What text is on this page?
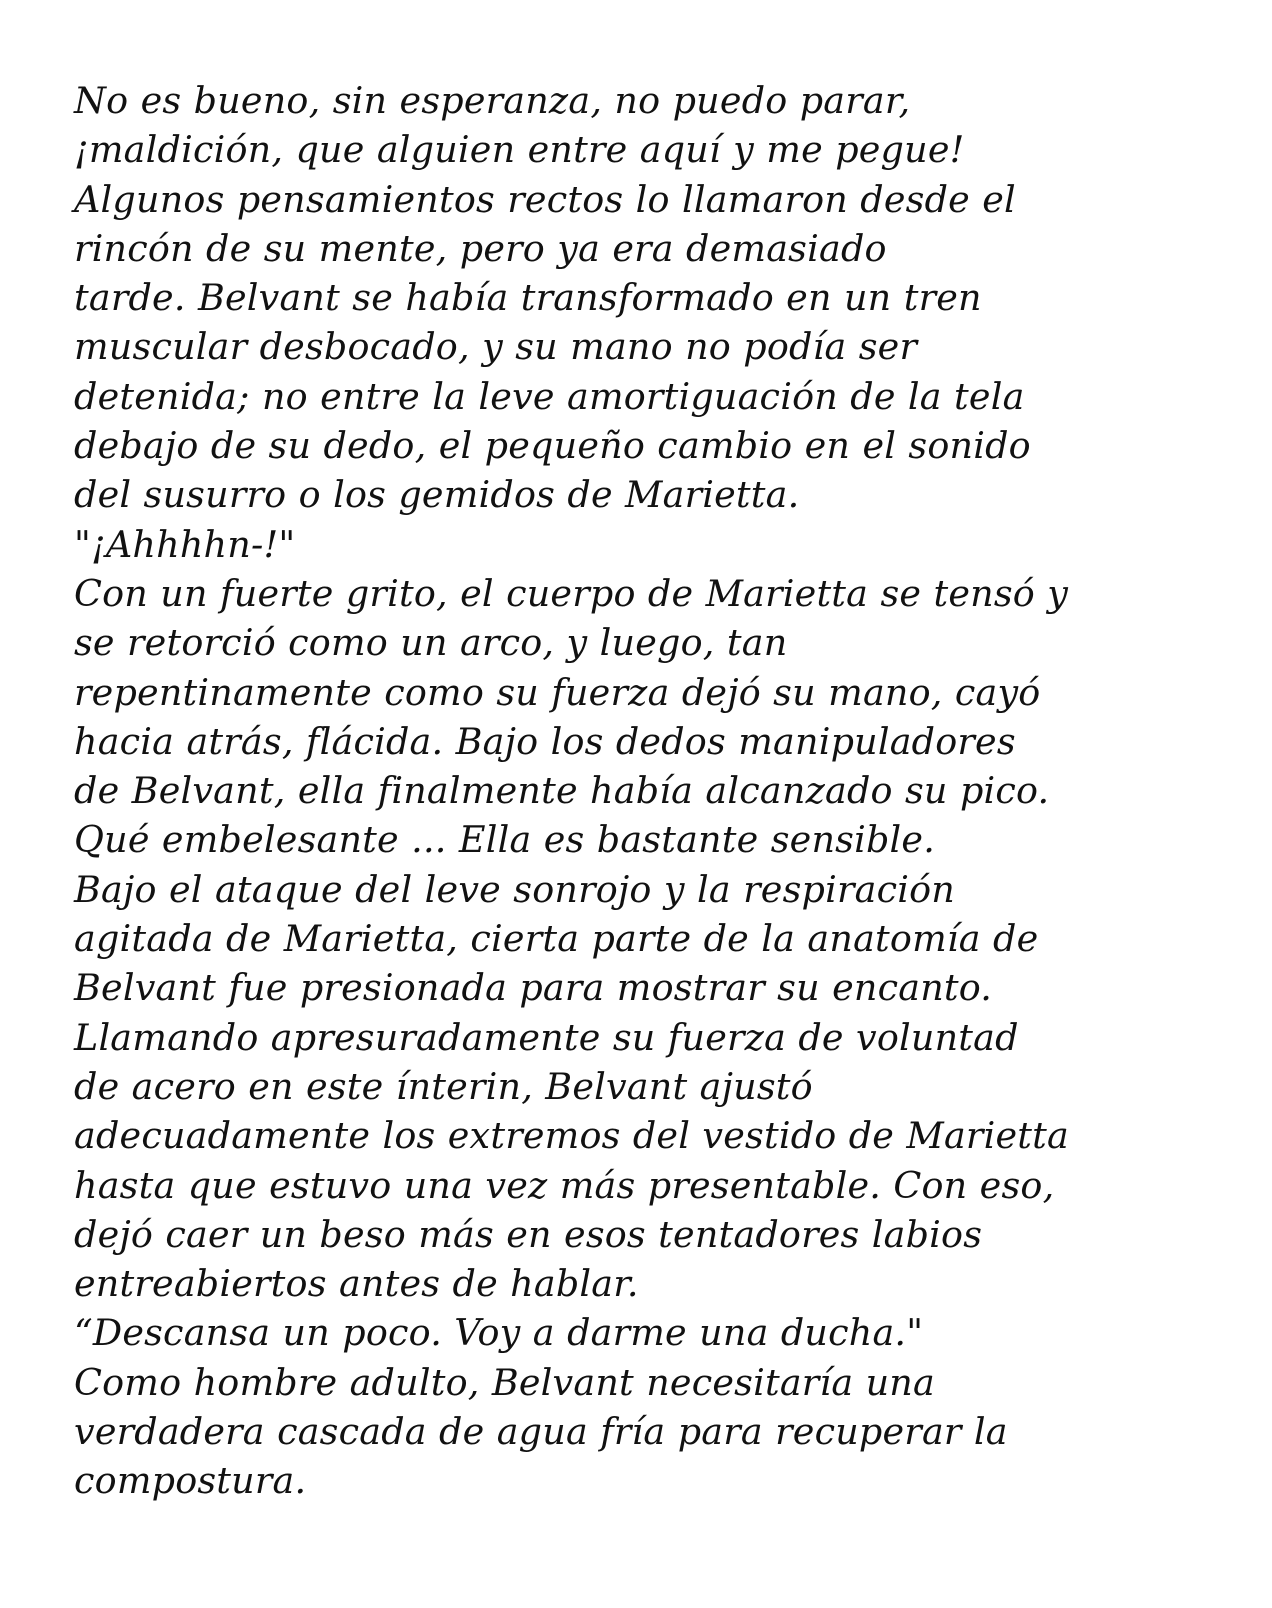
No es bueno, sin esperanza, no puedo parar,
¡maldición, que alguien entre aquí y me pegue!
Algunos pensamientos rectos lo llamaron desde el
rincón de su mente, pero ya era demasiado
tarde. Belvant se había transformado en un tren
muscular desbocado, y su mano no podía ser
detenida; no entre la leve amortiguación de la tela
debajo de su dedo, el pequeño cambio en el sonido
del susurro o los gemidos de Marietta.
"¡Ahhhhn-!"
Con un fuerte grito, el cuerpo de Marietta se tensó y
se retorció como un arco, y luego, tan
repentinamente como su fuerza dejó su mano, cayó
hacia atrás, flácida. Bajo los dedos manipuladores
de Belvant, ella finalmente había alcanzado su pico.
Qué embelesante ... Ella es bastante sensible.
Bajo el ataque del leve sonrojo y la respiración
agitada de Marietta, cierta parte de la anatomía de
Belvant fue presionada para mostrar su encanto.
Llamando apresuradamente su fuerza de voluntad
de acero en este ínterin, Belvant ajustó
adecuadamente los extremos del vestido de Marietta
hasta que estuvo una vez más presentable. Con eso,
dejó caer un beso más en esos tentadores labios
entreabiertos antes de hablar.
“Descansa un poco. Voy a darme una ducha."
Como hombre adulto, Belvant necesitaría una
verdadera cascada de agua fría para recuperar la
compostura.
